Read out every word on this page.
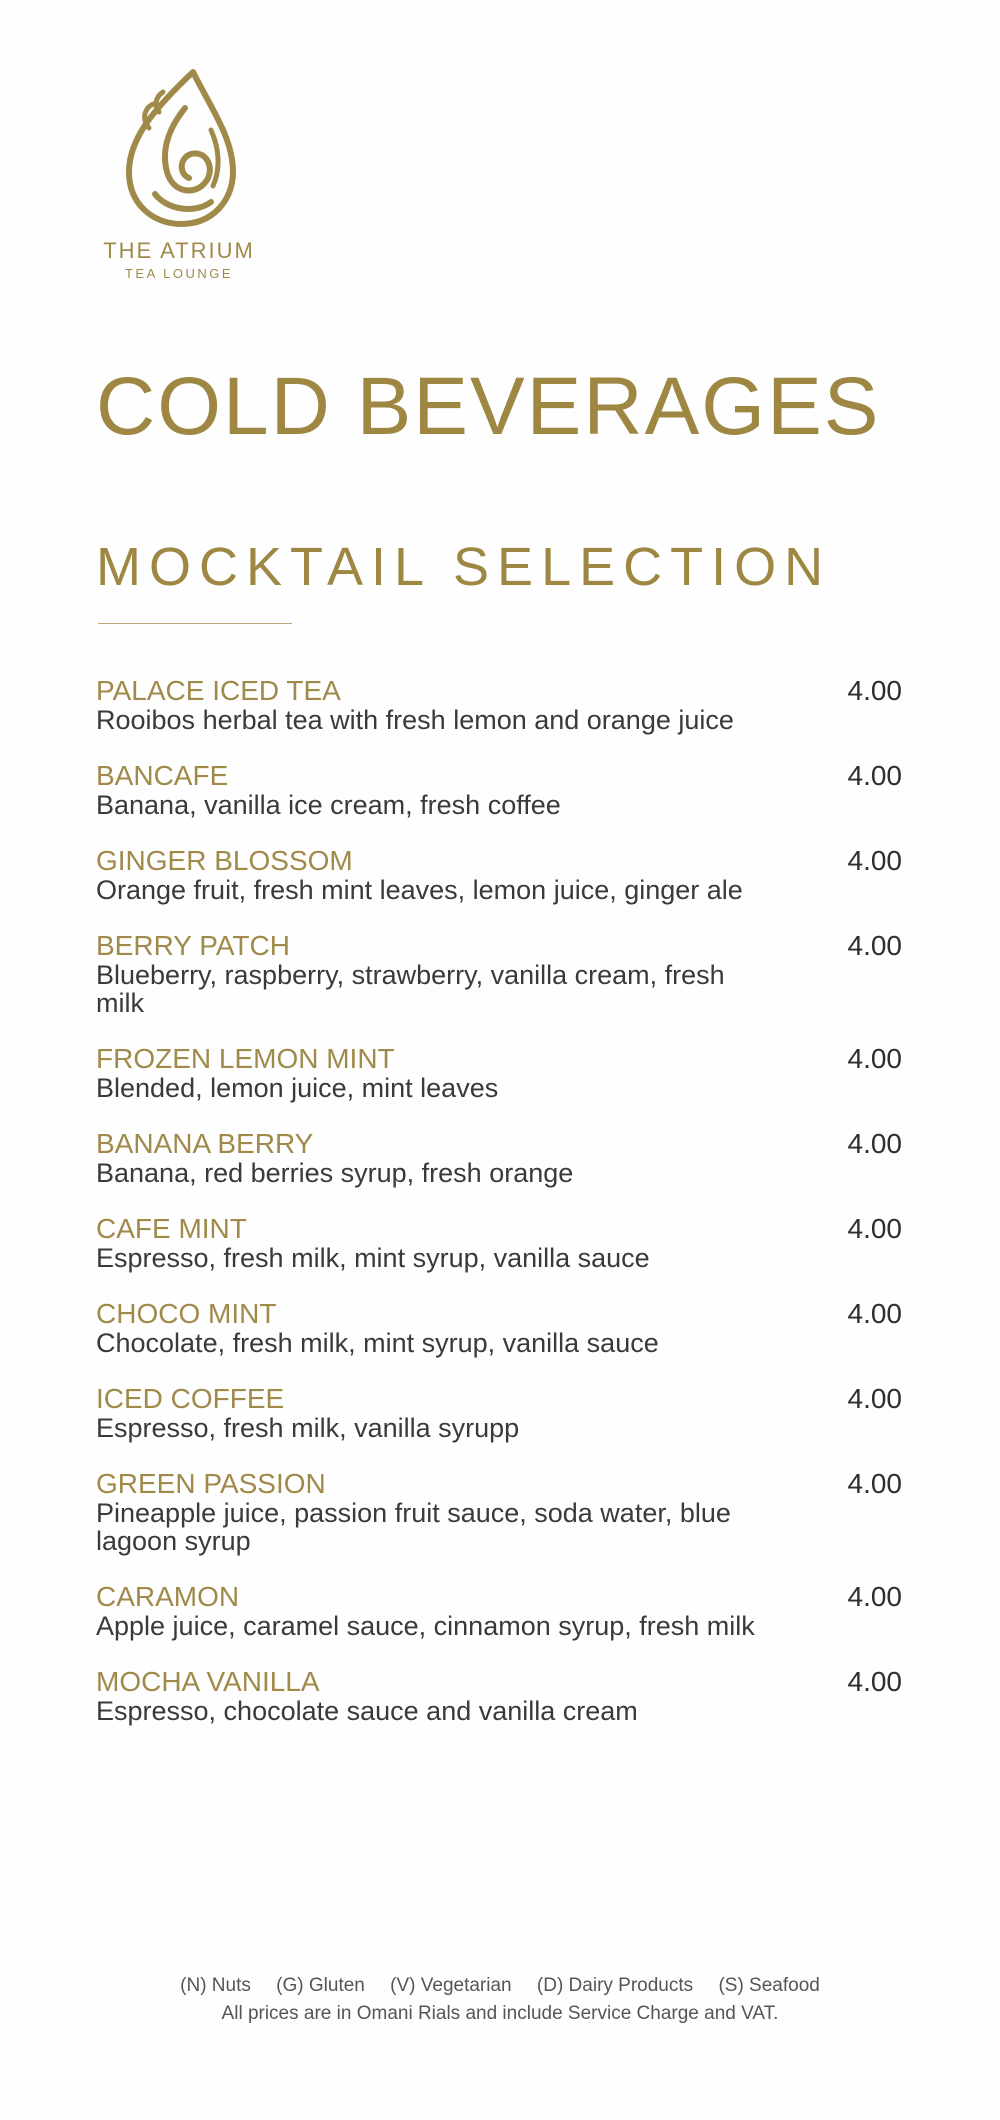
THE ATRIUM
TEA LOUNGE
COLD BEVERAGES
MOCKTAIL SELECTION
PALACE ICED TEA
Rooibos herbal tea with fresh lemon and orange juice
4.00
BANCAFE
Banana, vanilla ice cream, fresh coffee
4.00
GINGER BLOSSOM
Orange fruit, fresh mint leaves, lemon juice, ginger ale
4.00
BERRY PATCH
Blueberry, raspberry, strawberry, vanilla cream, fresh milk
4.00
FROZEN LEMON MINT
Blended, lemon juice, mint leaves
4.00
BANANA BERRY
Banana, red berries syrup, fresh orange
4.00
CAFE MINT
Espresso, fresh milk, mint syrup, vanilla sauce
4.00
CHOCO MINT
Chocolate, fresh milk, mint syrup, vanilla sauce
4.00
ICED COFFEE
Espresso, fresh milk, vanilla syrupp
4.00
GREEN PASSION
Pineapple juice, passion fruit sauce, soda water, blue lagoon syrup
4.00
CARAMON
Apple juice, caramel sauce, cinnamon syrup, fresh milk
4.00
MOCHA VANILLA
Espresso, chocolate sauce and vanilla cream
4.00
(N) Nuts (G) Gluten (V) Vegetarian (D) Dairy Products (S) Seafood
All prices are in Omani Rials and include Service Charge and VAT.
